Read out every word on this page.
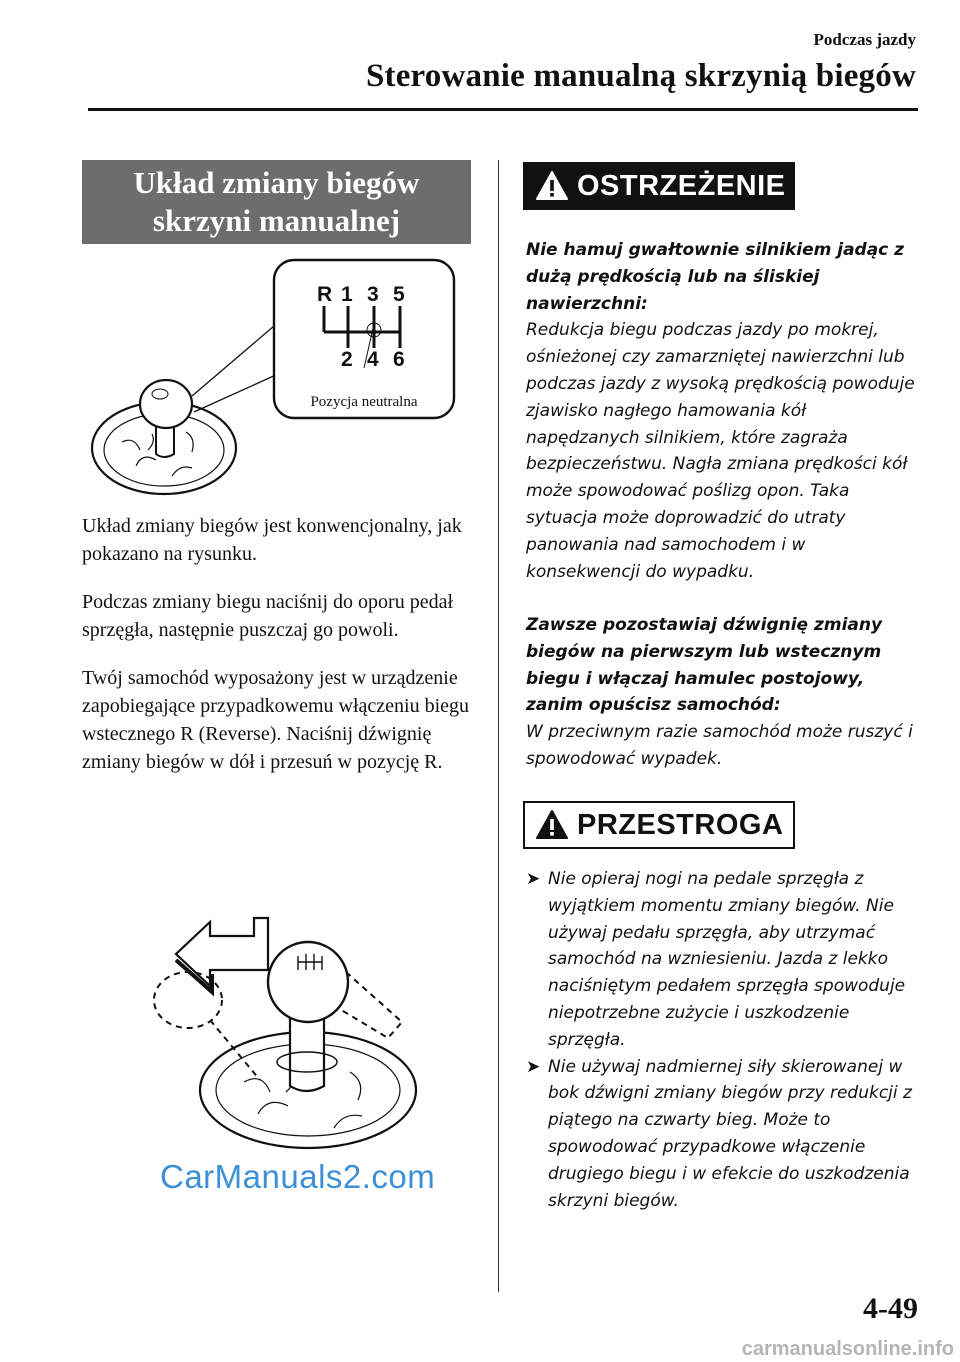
Podczas jazdy
Sterowanie manualną skrzynią biegów
Układ zmiany biegów
skrzyni manualnej
R 1 3 5
2 4 6
Pozycja neutralna

Układ zmiany biegów jest konwencjonalny, jak pokazano na rysunku.

Podczas zmiany biegu naciśnij do oporu pedał sprzęgła, następnie puszczaj go powoli.

Twój samochód wyposażony jest w urządzenie zapobiegające przypadkowemu włączeniu biegu wstecznego R (Reverse). Naciśnij dźwignię zmiany biegów w dół i przesuń w pozycję R.

CarManuals2.com
OSTRZEŻENIE

Nie hamuj gwałtownie silnikiem jadąc z dużą prędkością lub na śliskiej nawierzchni:

Redukcja biegu podczas jazdy po mokrej, ośnieżonej czy zamarzniętej nawierzchni lub podczas jazdy z wysoką prędkością powoduje zjawisko nagłego hamowania kół napędzanych silnikiem, które zagraża bezpieczeństwu. Nagła zmiana prędkości kół może spowodować poślizg opon. Taka sytuacja może doprowadzić do utraty panowania nad samochodem i w konsekwencji do wypadku.

Zawsze pozostawiaj dźwignię zmiany biegów na pierwszym lub wstecznym biegu i włączaj hamulec postojowy, zanim opuścisz samochód:

W przeciwnym razie samochód może ruszyć i spowodować wypadek.

PRZESTROGA
➤ Nie opieraj nogi na pedale sprzęgła z wyjątkiem momentu zmiany biegów. Nie używaj pedału sprzęgła, aby utrzymać samochód na wzniesieniu. Jazda z lekko naciśniętym pedałem sprzęgła spowoduje niepotrzebne zużycie i uszkodzenie sprzęgła.
➤ Nie używaj nadmiernej siły skierowanej w bok dźwigni zmiany biegów przy redukcji z piątego na czwarty bieg. Może to spowodować przypadkowe włączenie drugiego biegu i w efekcie do uszkodzenia skrzyni biegów.
4-49
carmanualsonline.info
